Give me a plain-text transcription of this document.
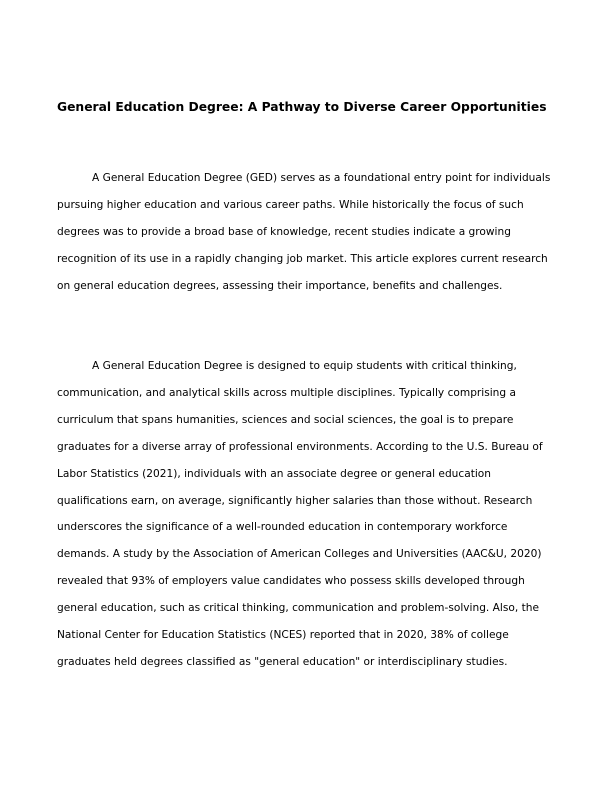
General Education Degree: A Pathway to Diverse Career Opportunities

A General Education Degree (GED) serves as a foundational entry point for individuals pursuing higher education and various career paths. While historically the focus of such degrees was to provide a broad base of knowledge, recent studies indicate a growing recognition of its use in a rapidly changing job market. This article explores current research on general education degrees, assessing their importance, benefits and challenges.

A General Education Degree is designed to equip students with critical thinking, communication, and analytical skills across multiple disciplines. Typically comprising a curriculum that spans humanities, sciences and social sciences, the goal is to prepare graduates for a diverse array of professional environments. According to the U.S. Bureau of Labor Statistics (2021), individuals with an associate degree or general education qualifications earn, on average, significantly higher salaries than those without. Research underscores the significance of a well-rounded education in contemporary workforce demands. A study by the Association of American Colleges and Universities (AAC&U, 2020) revealed that 93% of employers value candidates who possess skills developed through general education, such as critical thinking, communication and problem-solving. Also, the National Center for Education Statistics (NCES) reported that in 2020, 38% of college graduates held degrees classified as "general education" or interdisciplinary studies.
